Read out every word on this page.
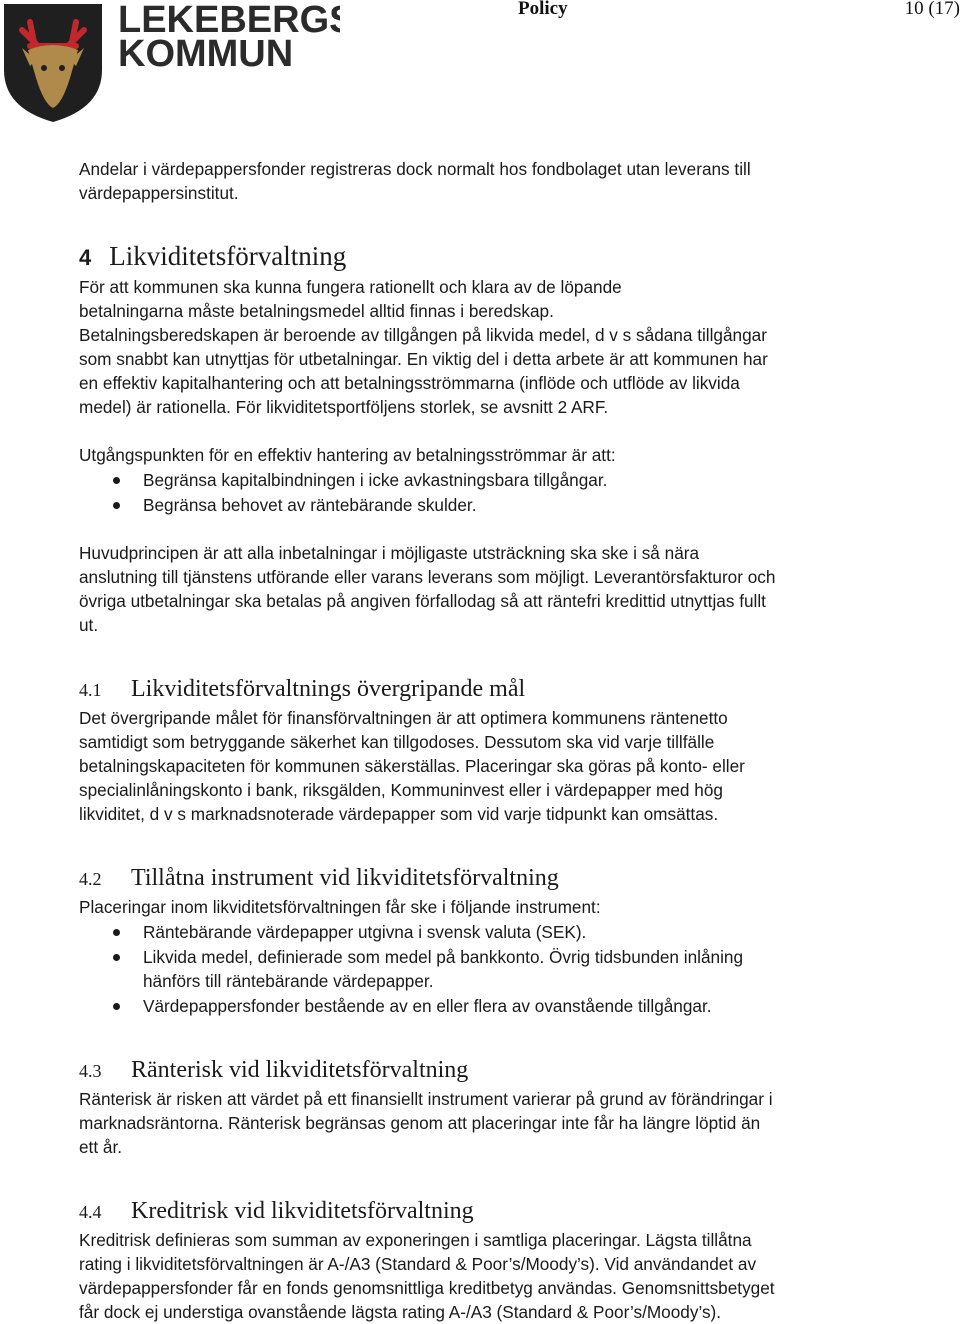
LEKEBERGS
KOMMUN
Policy	10 (17)

Andelar i värdepappersfonder registreras dock normalt hos fondbolaget utan leverans till värdepappersinstitut.

4 Likviditetsförvaltning

För att kommunen ska kunna fungera rationellt och klara av de löpande

betalningarna måste betalningsmedel alltid finnas i beredskap.

Betalningsberedskapen är beroende av tillgången på likvida medel, d v s sådana tillgångar som snabbt kan utnyttjas för utbetalningar. En viktig del i detta arbete är att kommunen har en effektiv kapitalhantering och att betalningsströmmarna (inflöde och utflöde av likvida medel) är rationella. För likviditetsportföljens storlek, se avsnitt 2 ARF.

Utgångspunkten för en effektiv hantering av betalningsströmmar är att:

Begränsa kapitalbindningen i icke avkastningsbara tillgångar.
Begränsa behovet av räntebärande skulder.

Huvudprincipen är att alla inbetalningar i möjligaste utsträckning ska ske i så nära anslutning till tjänstens utförande eller varans leverans som möjligt. Leverantörsfakturor och övriga utbetalningar ska betalas på angiven förfallodag så att räntefri kredittid utnyttjas fullt ut.

4.1 Likviditetsförvaltnings övergripande mål

Det övergripande målet för finansförvaltningen är att optimera kommunens räntenetto samtidigt som betryggande säkerhet kan tillgodoses. Dessutom ska vid varje tillfälle betalningskapaciteten för kommunen säkerställas. Placeringar ska göras på konto- eller specialinlåningskonto i bank, riksgälden, Kommuninvest eller i värdepapper med hög likviditet, d v s marknadsnoterade värdepapper som vid varje tidpunkt kan omsättas.

4.2 Tillåtna instrument vid likviditetsförvaltning

Placeringar inom likviditetsförvaltningen får ske i följande instrument:

Räntebärande värdepapper utgivna i svensk valuta (SEK).
Likvida medel, definierade som medel på bankkonto. Övrig tidsbunden inlåning hänförs till räntebärande värdepapper.
Värdepappersfonder bestående av en eller flera av ovanstående tillgångar.
4.3 Ränterisk vid likviditetsförvaltning

Ränterisk är risken att värdet på ett finansiellt instrument varierar på grund av förändringar i marknadsräntorna. Ränterisk begränsas genom att placeringar inte får ha längre löptid än ett år.

4.4 Kreditrisk vid likviditetsförvaltning

Kreditrisk definieras som summan av exponeringen i samtliga placeringar. Lägsta tillåtna rating i likviditetsförvaltningen är A-/A3 (Standard & Poor’s/Moody’s). Vid användandet av värdepappersfonder får en fonds genomsnittliga kreditbetyg användas. Genomsnittsbetyget får dock ej understiga ovanstående lägsta rating A-/A3 (Standard & Poor’s/Moody’s).
